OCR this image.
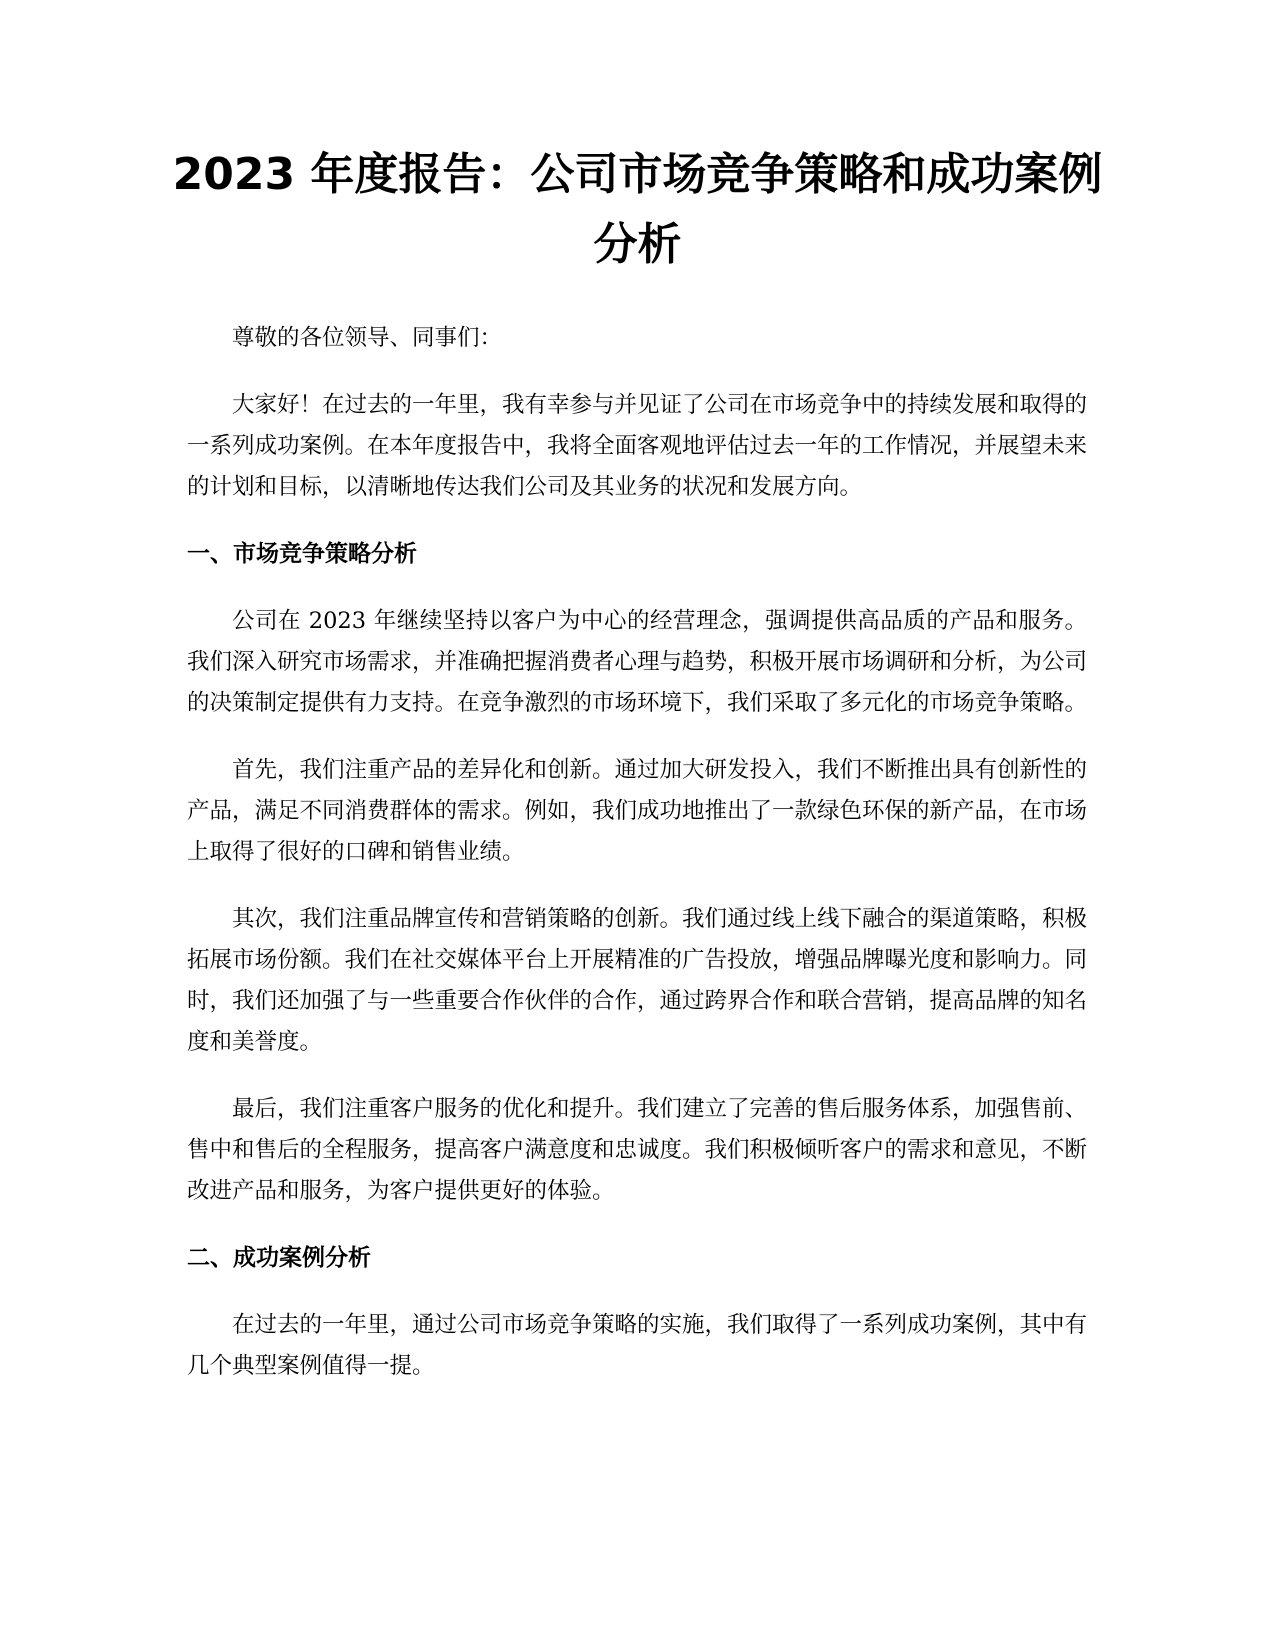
2023 年度报告：公司市场竞争策略和成功案例分析

尊敬的各位领导、同事们：

大家好！在过去的一年里，我有幸参与并见证了公司在市场竞争中的持续发展和取得的一系列成功案例。在本年度报告中，我将全面客观地评估过去一年的工作情况，并展望未来的计划和目标，以清晰地传达我们公司及其业务的状况和发展方向。

一、市场竞争策略分析

公司在 2023 年继续坚持以客户为中心的经营理念，强调提供高品质的产品和服务。我们深入研究市场需求，并准确把握消费者心理与趋势，积极开展市场调研和分析，为公司的决策制定提供有力支持。在竞争激烈的市场环境下，我们采取了多元化的市场竞争策略。

首先，我们注重产品的差异化和创新。通过加大研发投入，我们不断推出具有创新性的产品，满足不同消费群体的需求。例如，我们成功地推出了一款绿色环保的新产品，在市场上取得了很好的口碑和销售业绩。

其次，我们注重品牌宣传和营销策略的创新。我们通过线上线下融合的渠道策略，积极拓展市场份额。我们在社交媒体平台上开展精准的广告投放，增强品牌曝光度和影响力。同时，我们还加强了与一些重要合作伙伴的合作，通过跨界合作和联合营销，提高品牌的知名度和美誉度。

最后，我们注重客户服务的优化和提升。我们建立了完善的售后服务体系，加强售前、售中和售后的全程服务，提高客户满意度和忠诚度。我们积极倾听客户的需求和意见，不断改进产品和服务，为客户提供更好的体验。

二、成功案例分析

在过去的一年里，通过公司市场竞争策略的实施，我们取得了一系列成功案例，其中有几个典型案例值得一提。
